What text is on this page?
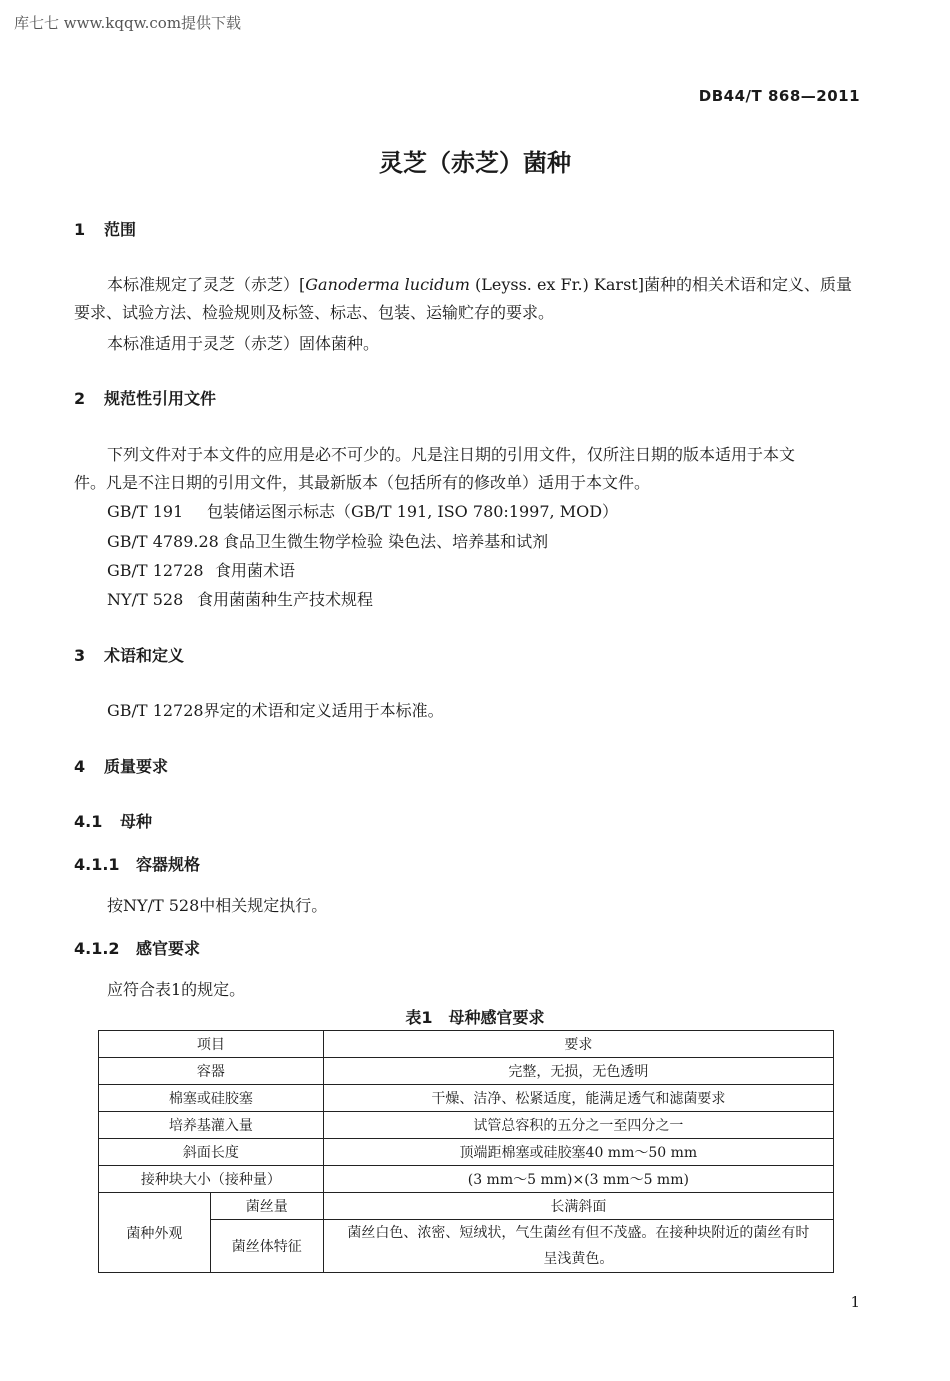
库七七 www.kqqw.com提供下载
DB44/T 868—2011
灵芝（赤芝）菌种
1 范围
本标准规定了灵芝（赤芝）[Ganoderma lucidum (Leyss. ex Fr.) Karst]菌种的相关术语和定义、质量
要求、试验方法、检验规则及标签、标志、包装、运输贮存的要求。
本标准适用于灵芝（赤芝）固体菌种。
2 规范性引用文件
下列文件对于本文件的应用是必不可少的。凡是注日期的引用文件，仅所注日期的版本适用于本文
件。凡是不注日期的引用文件，其最新版本（包括所有的修改单）适用于本文件。
GB/T 191 包装储运图示标志（GB/T 191, ISO 780:1997, MOD）
GB/T 4789.28 食品卫生微生物学检验 染色法、培养基和试剂
GB/T 12728 食用菌术语
NY/T 528 食用菌菌种生产技术规程
3 术语和定义
GB/T 12728界定的术语和定义适用于本标准。
4 质量要求
4.1 母种
4.1.1 容器规格
按NY/T 528中相关规定执行。
4.1.2 感官要求
应符合表1的规定。
表1　母种感官要求
项目		要求
容器		完整，无损，无色透明
棉塞或硅胶塞		干燥、洁净、松紧适度，能满足透气和滤菌要求
培养基灌入量		试管总容积的五分之一至四分之一
斜面长度		顶端距棉塞或硅胶塞40 mm～50 mm
接种块大小（接种量）		(3 mm～5 mm)×(3 mm～5 mm)
菌种外观	菌丝量	长满斜面
	菌丝体特征	菌丝白色、浓密、短绒状，气生菌丝有但不茂盛。在接种块附近的菌丝有时
呈浅黄色。
1
